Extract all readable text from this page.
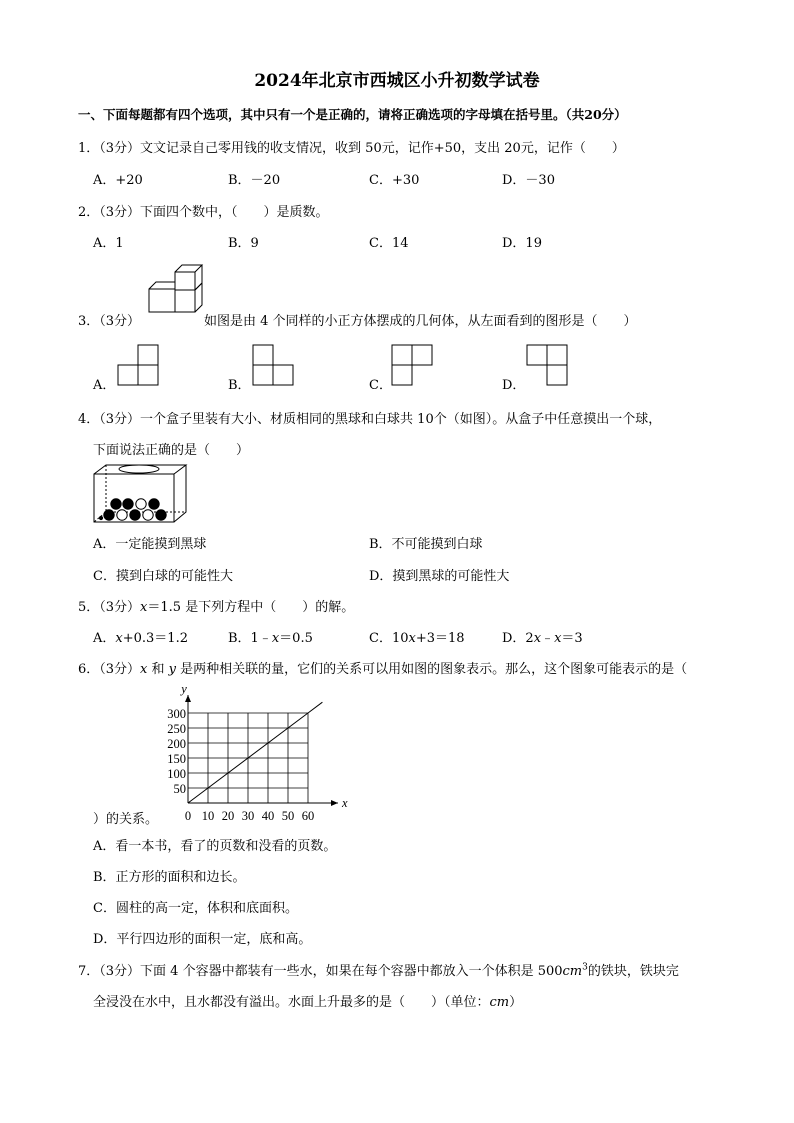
2024年北京市西城区小升初数学试卷
一、下面每题都有四个选项，其中只有一个是正确的，请将正确选项的字母填在括号里。（共20分）
1．（3分）文文记录自己零用钱的收支情况，收到 50元，记作+50，支出 20元，记作（　　）
A．+20	B．－20	C．+30	D．－30
2．（3分）下面四个数中，（　　）是质数。
A．1	B．9	C．14	D．19
3．（3分）	如图是由 4 个同样的小正方体摆成的几何体，从左面看到的图形是（　　）
A．	B．	C．	D．
4．（3分）一个盒子里装有大小、材质相同的黑球和白球共 10个（如图）。从盒子中任意摸出一个球，
下面说法正确的是（　　）
A．一定能摸到黑球	B．不可能摸到白球
C．摸到白球的可能性大	D．摸到黑球的可能性大
5．（3分）x＝1.5 是下列方程中（　　）的解。
A．x+0.3＝1.2	B．1﹣x＝0.5	C．10x+3＝18	D．2x﹣x＝3
6．（3分）x 和 y 是两种相关联的量，它们的关系可以用如图的图象表示。那么，这个图象可能表示的是（
0 10 20 30 40 50 60
50
100
150
200
250
300
x
y
）的关系。
A．看一本书，看了的页数和没看的页数。
B．正方形的面积和边长。
C．圆柱的高一定，体积和底面积。
D．平行四边形的面积一定，底和高。
7．（3分）下面 4 个容器中都装有一些水，如果在每个容器中都放入一个体积是 $500cm^3$的铁块，铁块完
全浸没在水中，且水都没有溢出。水面上升最多的是（　　）（单位：cm）
